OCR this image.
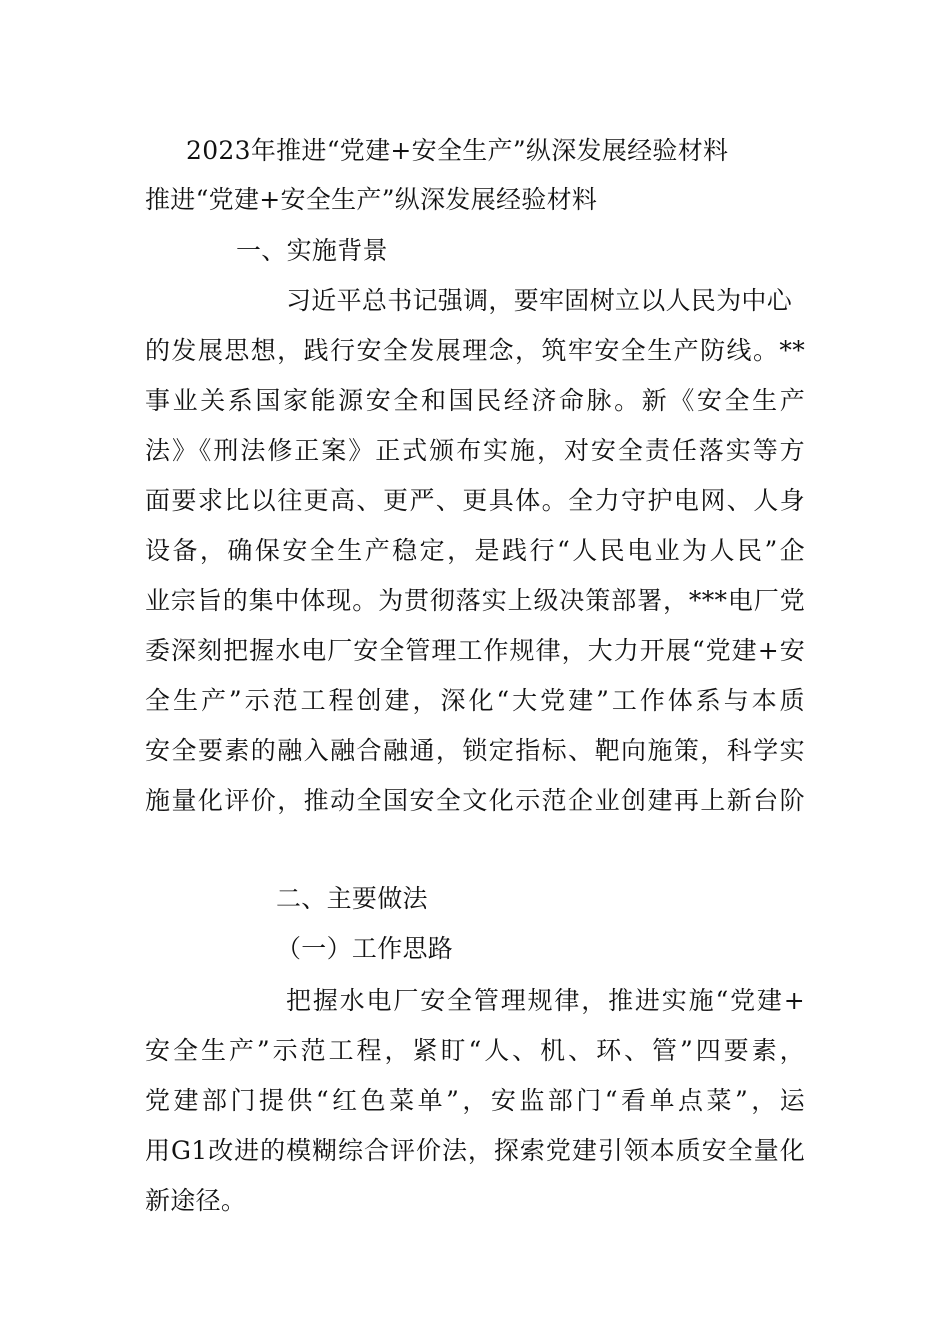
2023年推进“党建+安全生产”纵深发展经验材料
推进“党建+安全生产”纵深发展经验材料
一、实施背景
习近平总书记强调，要牢固树立以人民为中心
的发展思想，践行安全发展理念，筑牢安全生产防线。**
事业关系国家能源安全和国民经济命脉。新《安全生产
法》《刑法修正案》正式颁布实施，对安全责任落实等方
面要求比以往更高、更严、更具体。全力守护电网、人身
设备，确保安全生产稳定，是践行“人民电业为人民”企
业宗旨的集中体现。为贯彻落实上级决策部署，***电厂党
委深刻把握水电厂安全管理工作规律，大力开展“党建+安
全生产”示范工程创建，深化“大党建”工作体系与本质
安全要素的融入融合融通，锁定指标、靶向施策，科学实
施量化评价，推动全国安全文化示范企业创建再上新台阶
二、主要做法
（一）工作思路
把握水电厂安全管理规律，推进实施“党建+
安全生产”示范工程，紧盯“人、机、环、管”四要素，
党建部门提供“红色菜单”，安监部门“看单点菜”，运
用G1改进的模糊综合评价法，探索党建引领本质安全量化
新途径。
